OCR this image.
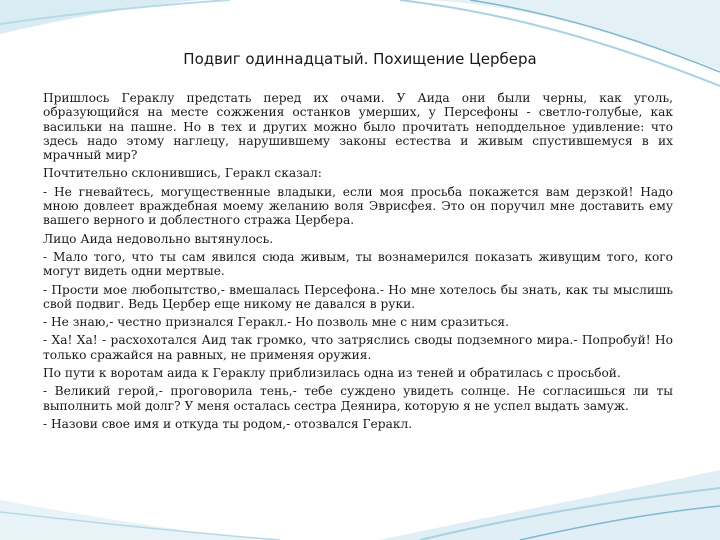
Подвиг одиннадцатый. Похищение Цербера

Пришлось Гераклу предстать перед их очами. У Аида они были черны, как уголь, образующийся на месте сожжения останков умерших, у Персефоны - светло-голубые, как васильки на пашне. Но в тех и других можно было прочитать неподдельное удивление: что здесь надо этому наглецу, нарушившему законы естества и живым спустившемуся в их мрачный мир?

Почтительно склонившись, Геракл сказал:

- Не гневайтесь, могущественные владыки, если моя просьба покажется вам дерзкой! Надо мною довлеет враждебная моему желанию воля Эврисфея. Это он поручил мне доставить ему вашего верного и доблестного стража Цербера.

Лицо Аида недовольно вытянулось.

- Мало того, что ты сам явился сюда живым, ты вознамерился показать живущим того, кого могут видеть одни мертвые.

- Прости мое любопытство,- вмешалась Персефона.- Но мне хотелось бы знать, как ты мыслишь свой подвиг. Ведь Цербер еще никому не давался в руки.

- Не знаю,- честно признался Геракл.- Но позволь мне с ним сразиться.

- Ха! Ха! - расхохотался Аид так громко, что затряслись своды подземного мира.- Попробуй! Но только сражайся на равных, не применяя оружия.

По пути к воротам аида к Гераклу приблизилась одна из теней и обратилась с просьбой.

- Великий герой,- проговорила тень,- тебе суждено увидеть солнце. Не согласишься ли ты выполнить мой долг? У меня осталась сестра Деянира, которую я не успел выдать замуж.

- Назови свое имя и откуда ты родом,- отозвался Геракл.
